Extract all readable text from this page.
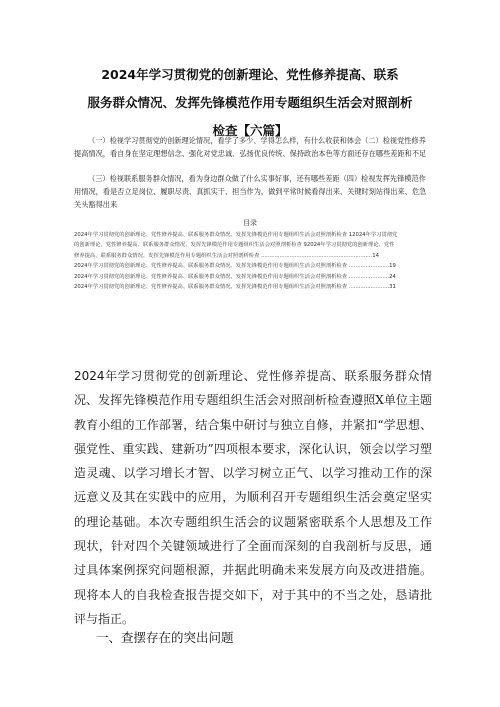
2024年学习贯彻党的创新理论、党性修养提高、联系
服务群众情况、发挥先锋模范作用专题组织生活会对照剖析
检查【六篇】

（一）检视学习贯彻党的创新理论情况，看学了多少、学得怎么样，有什么收获和体会（二）检视党性修养提高情况，看自身在坚定理想信念、强化对党忠诚、弘扬优良传统、保持政治本色等方面还存在哪些差距和不足

（三）检视联系服务群众情况，看为身边群众做了什么实事好事，还有哪些差距（四）检视发挥先锋模范作用情况，看是否立足岗位、履职尽责、真抓实干、担当作为，做到平常时候看得出来、关键时刻站得出来、危急关头豁得出来

目录
2024年学习贯彻党的创新理论、党性修养提高、联系服务群众情况、发挥先锋模范作用专题组织生活会对照剖析检查 12024年学习贯彻党
的创新理论、党性修养提高、联系服务群众情况、发挥先锋模范作用专题组织生活会对照剖析检查 92024年学习贯彻党的创新理论、党性
修养提高、联系服务群众情况、发挥先锋模范作用专题组织生活会对照剖析检查 ..................................................................14
2024年学习贯彻党的创新理论、党性修养提高、联系服务群众情况、发挥先锋模范作用专题组织生活会对照剖析检查 ........................19
2024年学习贯彻党的创新理论、党性修养提高、联系服务群众情况、发挥先锋模范作用专题组织生活会对照剖析检查 ........................24
2024年学习贯彻党的创新理论、党性修养提高、联系服务群众情况、发挥先锋模范作用专题组织生活会对照剖析检查 ........................31
2024年学习贯彻党的创新理论、党性修养提高、联系服务群众情况、发挥先锋模范作用专题组织生活会对照剖析检查遵照X单位主题教育小组的工作部署，结合集中研讨与独立自修，并紧扣“学思想、强党性、重实践、建新功”四项根本要求，深化认识，领会以学习塑造灵魂、以学习增长才智、以学习树立正气、以学习推动工作的深远意义及其在实践中的应用，为顺利召开专题组织生活会奠定坚实的理论基础。本次专题组织生活会的议题紧密联系个人思想及工作现状，针对四个关键领域进行了全面而深刻的自我剖析与反思，通过具体案例探究问题根源，并据此明确未来发展方向及改进措施。现将本人的自我检查报告提交如下，对于其中的不当之处，恳请批评与指正。
一、查摆存在的突出问题
